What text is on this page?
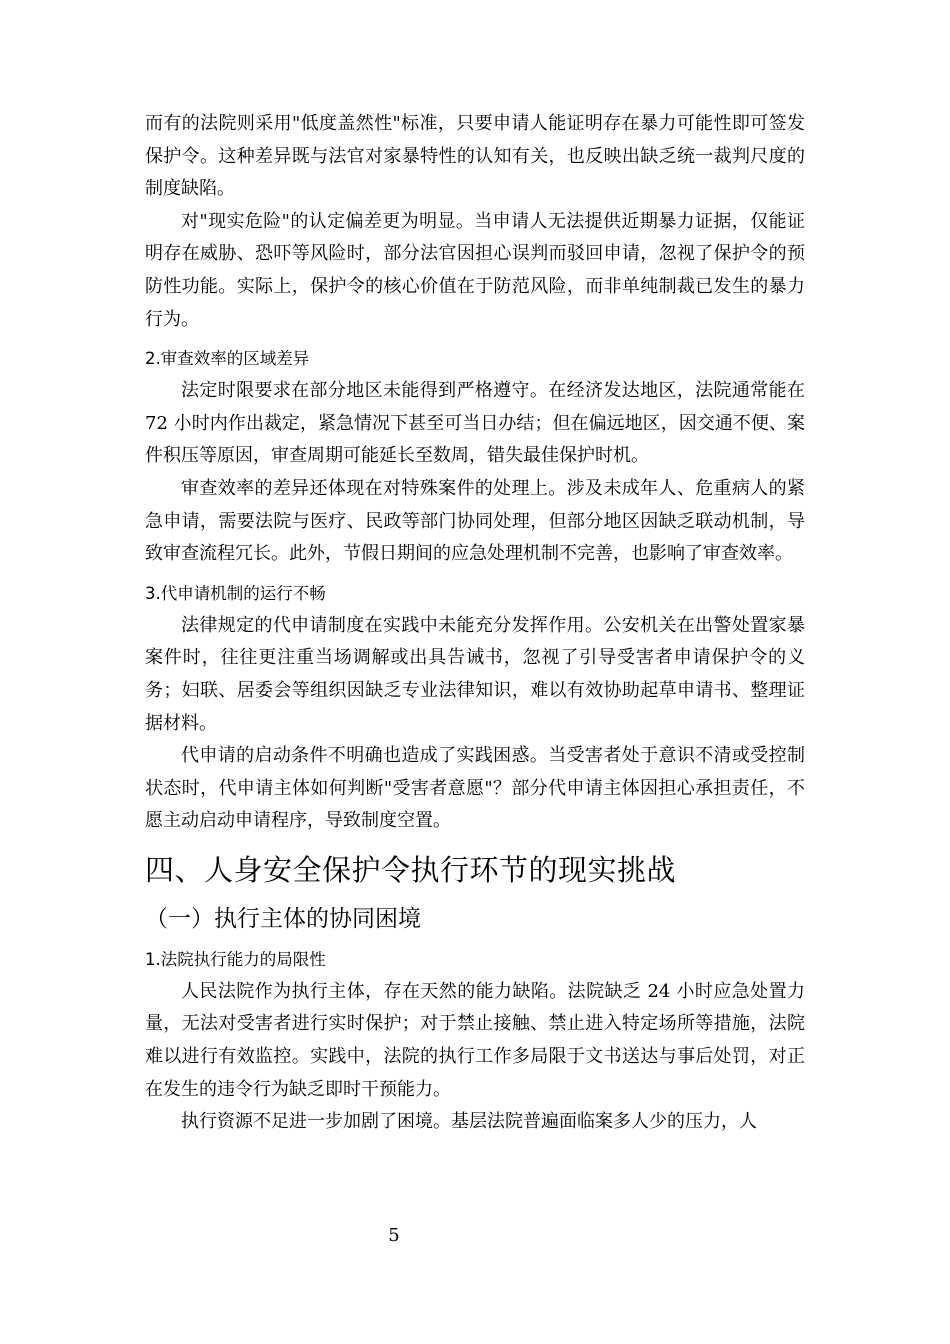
而有的法院则采用"低度盖然性"标准，只要申请人能证明存在暴力可能性即可签发保护令。这种差异既与法官对家暴特性的认知有关，也反映出缺乏统一裁判尺度的制度缺陷。

对"现实危险"的认定偏差更为明显。当申请人无法提供近期暴力证据，仅能证明存在威胁、恐吓等风险时，部分法官因担心误判而驳回申请，忽视了保护令的预防性功能。实际上，保护令的核心价值在于防范风险，而非单纯制裁已发生的暴力行为。

2.审查效率的区域差异

法定时限要求在部分地区未能得到严格遵守。在经济发达地区，法院通常能在 72 小时内作出裁定，紧急情况下甚至可当日办结；但在偏远地区，因交通不便、案件积压等原因，审查周期可能延长至数周，错失最佳保护时机。

审查效率的差异还体现在对特殊案件的处理上。涉及未成年人、危重病人的紧急申请，需要法院与医疗、民政等部门协同处理，但部分地区因缺乏联动机制，导致审查流程冗长。此外，节假日期间的应急处理机制不完善，也影响了审查效率。

3.代申请机制的运行不畅

法律规定的代申请制度在实践中未能充分发挥作用。公安机关在出警处置家暴案件时，往往更注重当场调解或出具告诫书，忽视了引导受害者申请保护令的义务；妇联、居委会等组织因缺乏专业法律知识，难以有效协助起草申请书、整理证据材料。

代申请的启动条件不明确也造成了实践困惑。当受害者处于意识不清或受控制状态时，代申请主体如何判断"受害者意愿"？部分代申请主体因担心承担责任，不愿主动启动申请程序，导致制度空置。

四、人身安全保护令执行环节的现实挑战
（一）执行主体的协同困境
1.法院执行能力的局限性

人民法院作为执行主体，存在天然的能力缺陷。法院缺乏 24 小时应急处置力量，无法对受害者进行实时保护；对于禁止接触、禁止进入特定场所等措施，法院难以进行有效监控。实践中，法院的执行工作多局限于文书送达与事后处罚，对正在发生的违令行为缺乏即时干预能力。

执行资源不足进一步加剧了困境。基层法院普遍面临案多人少的压力，人

5
